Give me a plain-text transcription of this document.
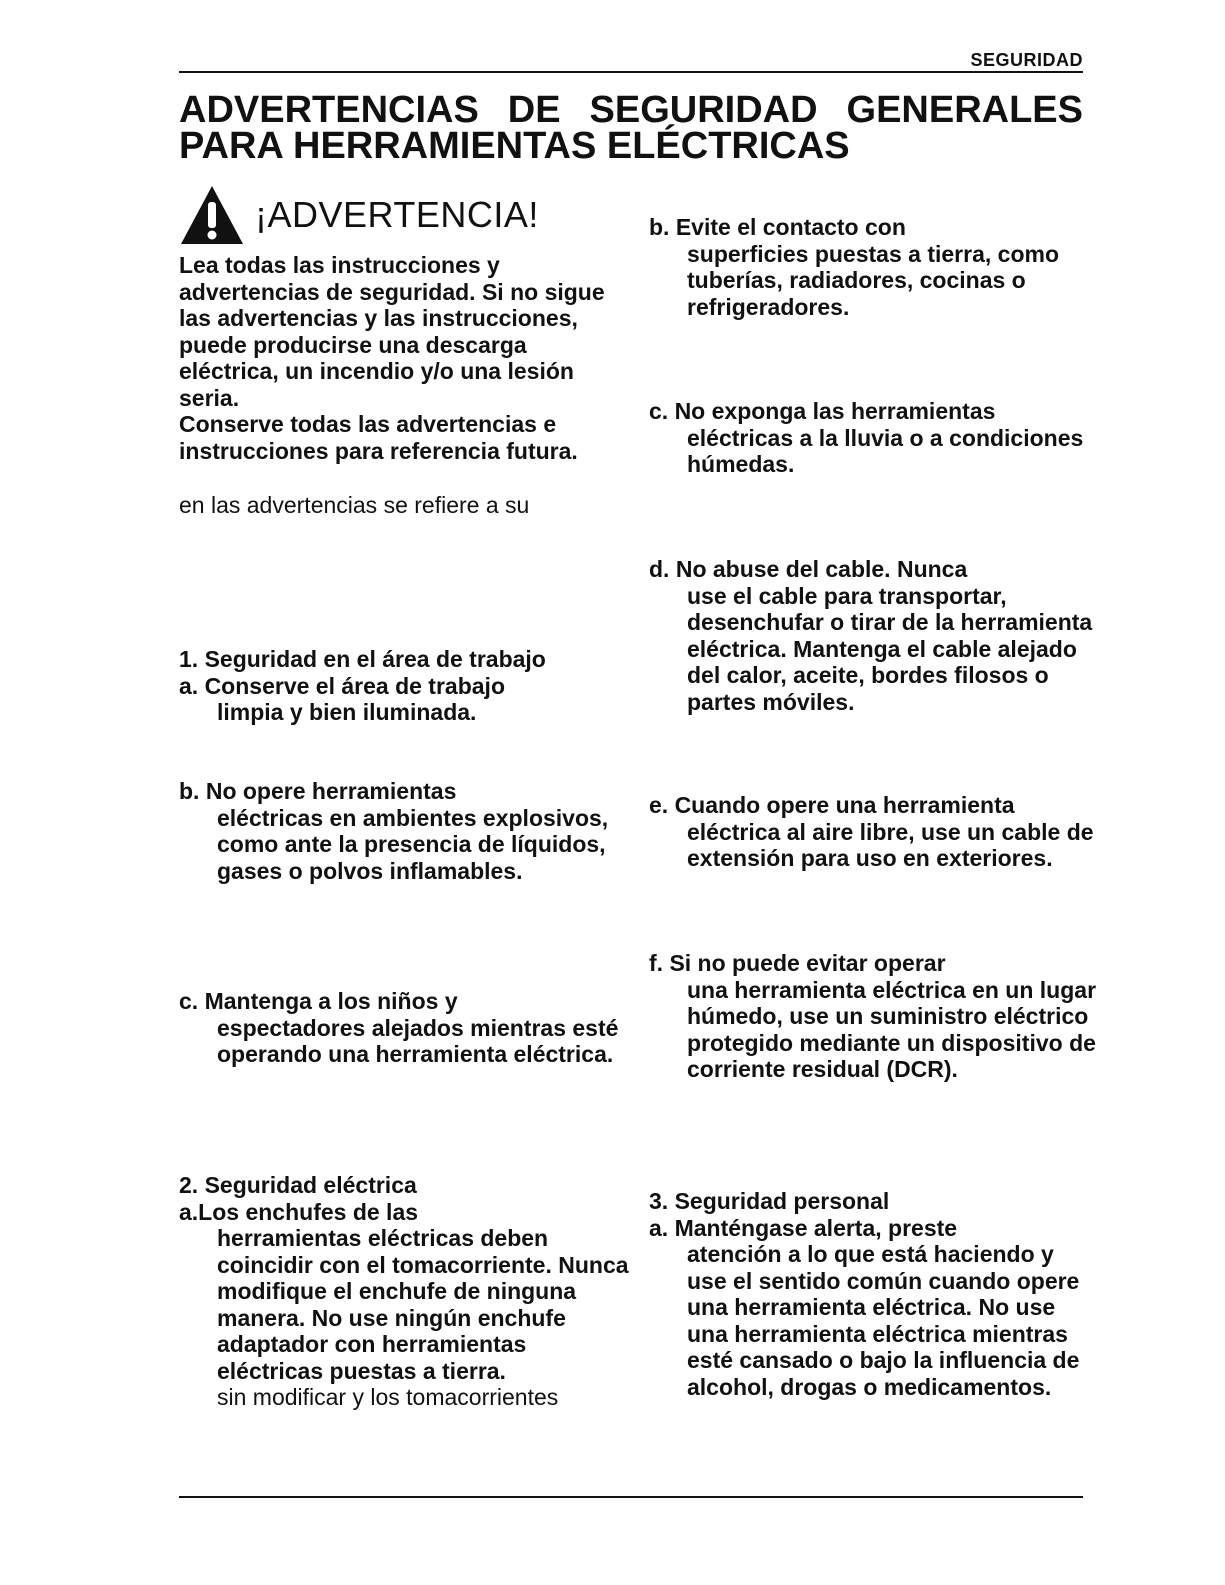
SEGURIDAD
ADVERTENCIAS DE SEGURIDAD GENERALES PARA HERRAMIENTAS ELÉCTRICAS
¡ADVERTENCIA!
Lea todas las instrucciones y advertencias de seguridad. Si no sigue las advertencias y las instrucciones, puede producirse una descarga eléctrica, un incendio y/o una lesión seria.
Conserve todas las advertencias e instrucciones para referencia futura.
en las advertencias se refiere a su
1. Seguridad en el área de trabajo
a. Conserve el área de trabajo
limpia y bien iluminada.
b. No opere herramientas
eléctricas en ambientes explosivos, como ante la presencia de líquidos, gases o polvos inflamables.
c. Mantenga a los niños y
espectadores alejados mientras esté operando una herramienta eléctrica.
2. Seguridad eléctrica
a.Los enchufes de las
herramientas eléctricas deben coincidir con el tomacorriente. Nunca modifique el enchufe de ninguna manera. No use ningún enchufe adaptador con herramientas eléctricas puestas a tierra.
sin modificar y los tomacorrientes
b. Evite el contacto con
superficies puestas a tierra, como tuberías, radiadores, cocinas o refrigeradores.
c. No exponga las herramientas
eléctricas a la lluvia o a condiciones húmedas.
d. No abuse del cable. Nunca
use el cable para transportar, desenchufar o tirar de la herramienta eléctrica. Mantenga el cable alejado del calor, aceite, bordes filosos o partes móviles.
e. Cuando opere una herramienta
eléctrica al aire libre, use un cable de extensión para uso en exteriores.
f. Si no puede evitar operar
una herramienta eléctrica en un lugar húmedo, use un suministro eléctrico protegido mediante un dispositivo de corriente residual (DCR).
3. Seguridad personal
a. Manténgase alerta, preste
atención a lo que está haciendo y use el sentido común cuando opere una herramienta eléctrica. No use una herramienta eléctrica mientras esté cansado o bajo la influencia de alcohol, drogas o medicamentos.
